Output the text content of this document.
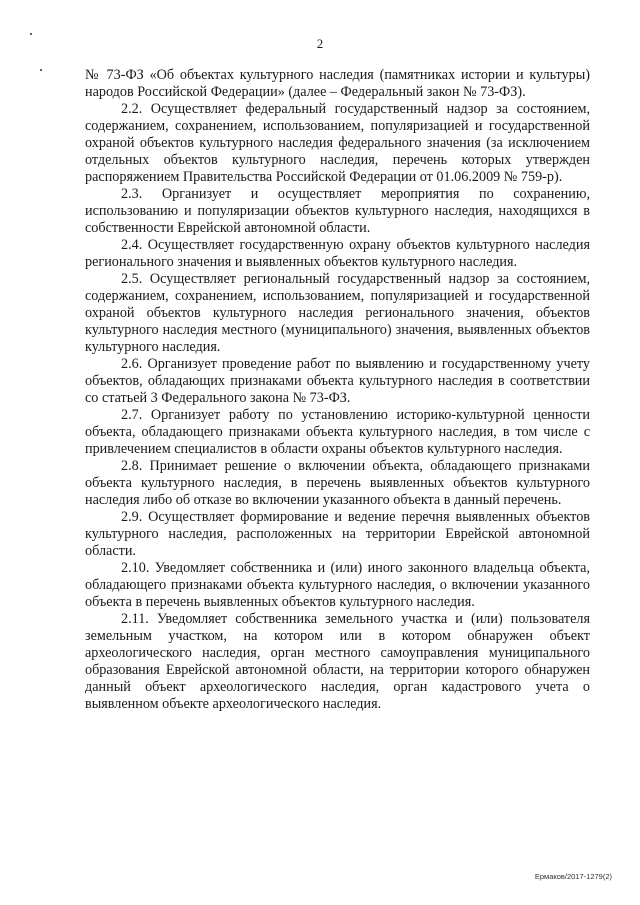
2

№ 73-ФЗ «Об объектах культурного наследия (памятниках истории и культуры) народов Российской Федерации» (далее – Федеральный закон № 73-ФЗ).

2.2. Осуществляет федеральный государственный надзор за состоянием, содержанием, сохранением, использованием, популяризацией и государственной охраной объектов культурного наследия федерального значения (за исключением отдельных объектов культурного наследия, перечень которых утвержден распоряжением Правительства Российской Федерации от 01.06.2009 № 759-р).

2.3. Организует и осуществляет мероприятия по сохранению, использованию и популяризации объектов культурного наследия, находящихся в собственности Еврейской автономной области.

2.4. Осуществляет государственную охрану объектов культурного наследия регионального значения и выявленных объектов культурного наследия.

2.5. Осуществляет региональный государственный надзор за состоянием, содержанием, сохранением, использованием, популяризацией и государственной охраной объектов культурного наследия регионального значения, объектов культурного наследия местного (муниципального) значения, выявленных объектов культурного наследия.

2.6. Организует проведение работ по выявлению и государственному учету объектов, обладающих признаками объекта культурного наследия в соответствии со статьей 3 Федерального закона № 73-ФЗ.

2.7. Организует работу по установлению историко-культурной ценности объекта, обладающего признаками объекта культурного наследия, в том числе с привлечением специалистов в области охраны объектов культурного наследия.

2.8. Принимает решение о включении объекта, обладающего признаками объекта культурного наследия, в перечень выявленных объектов культурного наследия либо об отказе во включении указанного объекта в данный перечень.

2.9. Осуществляет формирование и ведение перечня выявленных объектов культурного наследия, расположенных на территории Еврейской автономной области.

2.10. Уведомляет собственника и (или) иного законного владельца объекта, обладающего признаками объекта культурного наследия, о включении указанного объекта в перечень выявленных объектов культурного наследия.

2.11. Уведомляет собственника земельного участка и (или) пользователя земельным участком, на котором или в котором обнаружен объект археологического наследия, орган местного самоуправления муниципального образования Еврейской автономной области, на территории которого обнаружен данный объект археологического наследия, орган кадастрового учета о выявленном объекте археологического наследия.

Ермаков/2017-1279(2)
